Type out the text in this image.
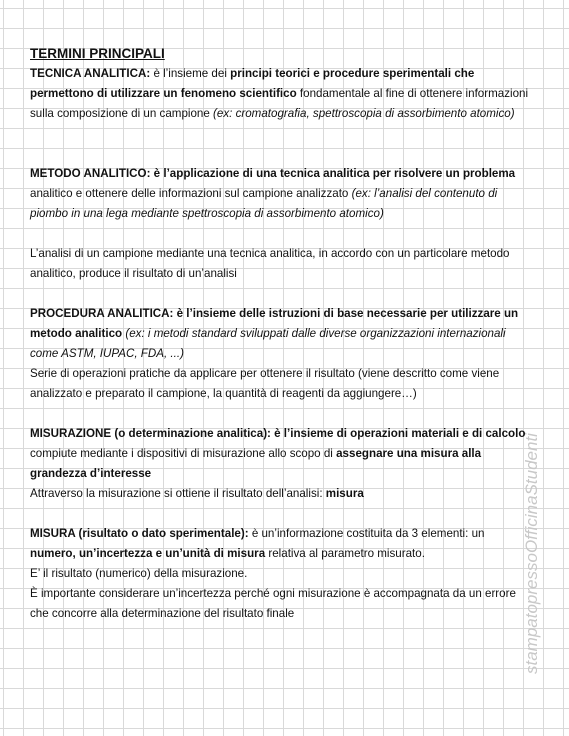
TERMINI PRINCIPALI

TECNICA ANALITICA: è l’insieme dei principi teorici e procedure sperimentali che permettono di utilizzare un fenomeno scientifico fondamentale al fine di ottenere informazioni sulla composizione di un campione (ex: cromatografia, spettroscopia di assorbimento atomico)

METODO ANALITICO: è l’applicazione di una tecnica analitica per risolvere un problema analitico e ottenere delle informazioni sul campione analizzato (ex: l’analisi del contenuto di piombo in una lega mediante spettroscopia di assorbimento atomico)

L’analisi di un campione mediante una tecnica analitica, in accordo con un particolare metodo analitico, produce il risultato di un’analisi

PROCEDURA ANALITICA: è l’insieme delle istruzioni di base necessarie per utilizzare un metodo analitico (ex: i metodi standard sviluppati dalle diverse organizzazioni internazionali come ASTM, IUPAC, FDA, ...)

Serie di operazioni pratiche da applicare per ottenere il risultato (viene descritto come viene analizzato e preparato il campione, la quantità di reagenti da aggiungere…)

MISURAZIONE (o determinazione analitica): è l’insieme di operazioni materiali e di calcolo compiute mediante i dispositivi di misurazione allo scopo di assegnare una misura alla grandezza d’interesse

Attraverso la misurazione si ottiene il risultato dell’analisi: misura

MISURA (risultato o dato sperimentale): è un’informazione costituita da 3 elementi: un numero, un’incertezza e un’unità di misura relativa al parametro misurato.

E’ il risultato (numerico) della misurazione.

È importante considerare un’incertezza perché ogni misurazione è accompagnata da un errore che concorre alla determinazione del risultato finale	stampatopressoOfficinaStudenti
